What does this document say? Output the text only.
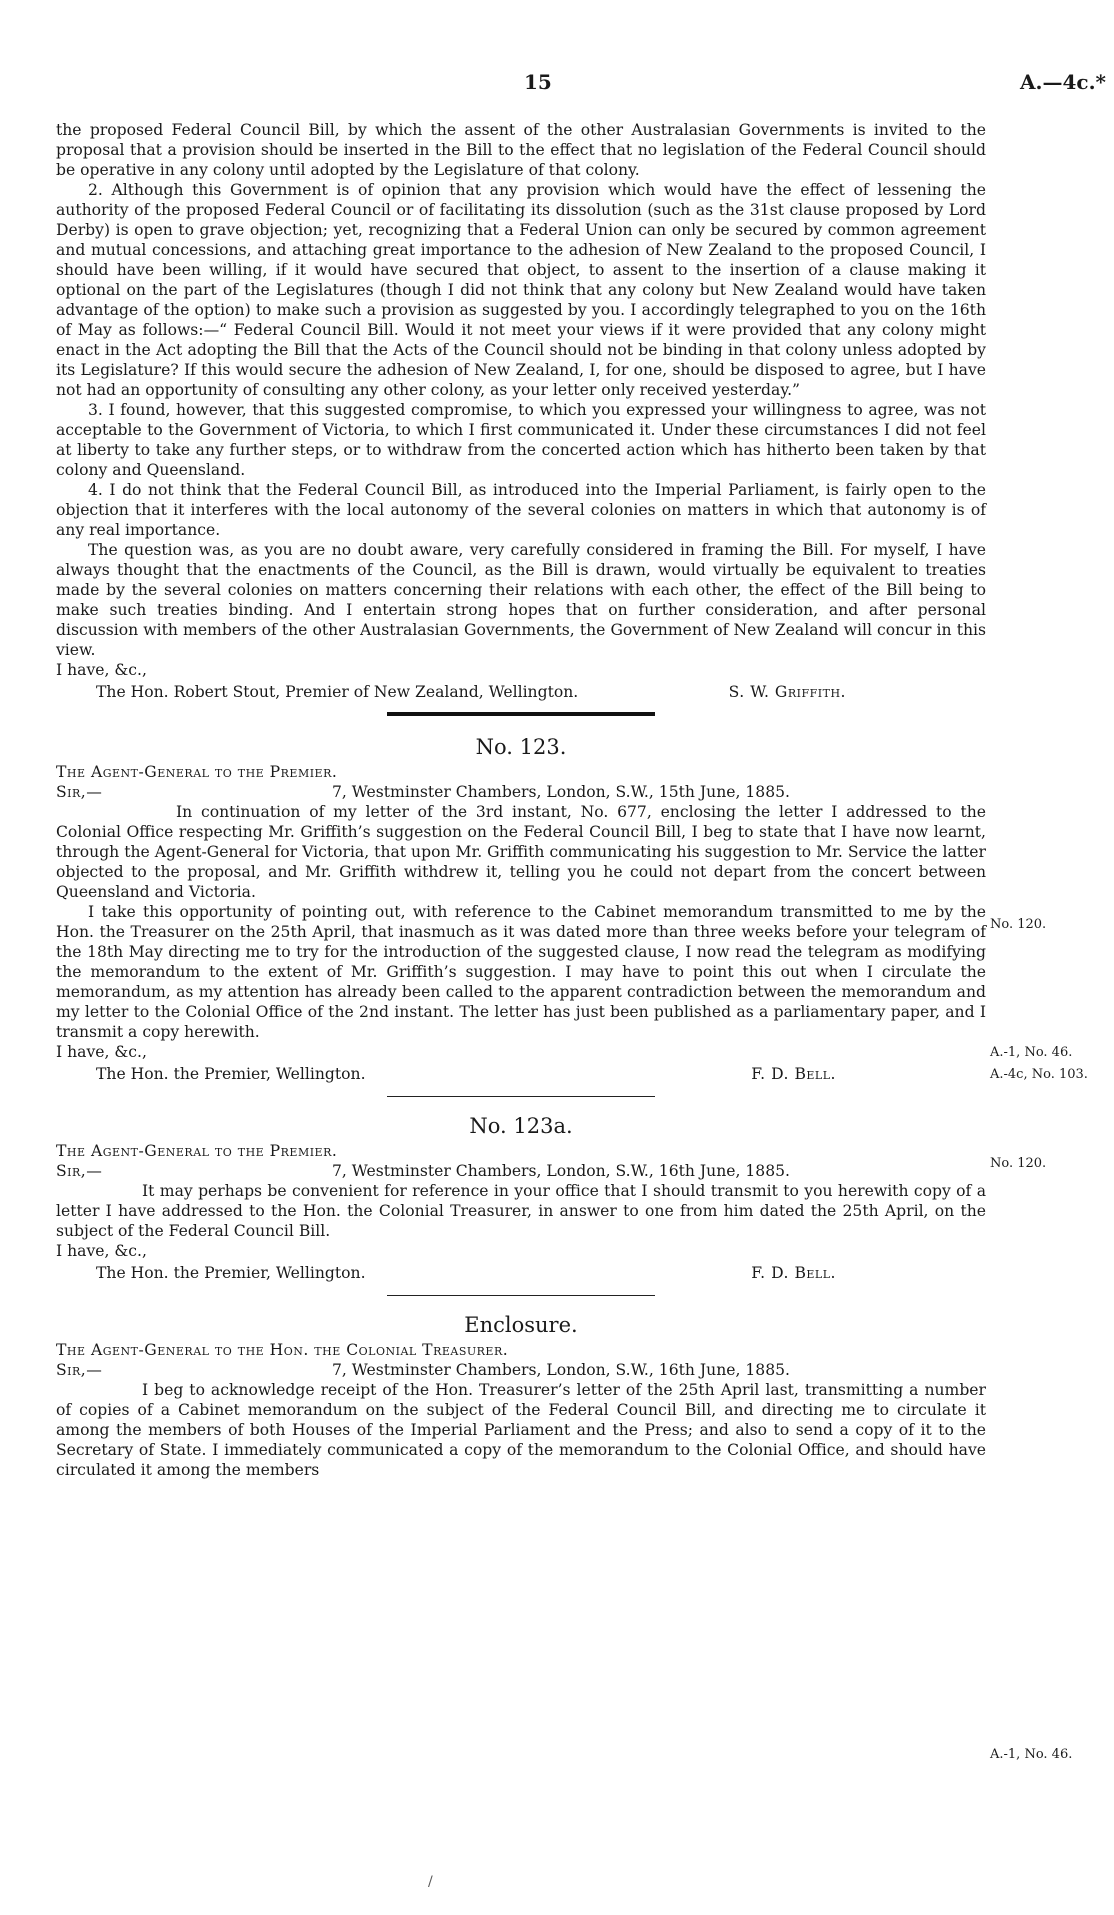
15	A.—4c.*

the proposed Federal Council Bill, by which the assent of the other Australasian Governments is invited to the proposal that a provision should be inserted in the Bill to the effect that no legislation of the Federal Council should be operative in any colony until adopted by the Legislature of that colony.

2. Although this Government is of opinion that any provision which would have the effect of lessening the authority of the proposed Federal Council or of facilitating its dissolution (such as the 31st clause proposed by Lord Derby) is open to grave objection; yet, recognizing that a Federal Union can only be secured by common agreement and mutual concessions, and attaching great importance to the adhesion of New Zealand to the proposed Council, I should have been willing, if it would have secured that object, to assent to the insertion of a clause making it optional on the part of the Legislatures (though I did not think that any colony but New Zealand would have taken advantage of the option) to make such a provision as suggested by you. I accordingly telegraphed to you on the 16th of May as follows:—“ Federal Council Bill. Would it not meet your views if it were provided that any colony might enact in the Act adopting the Bill that the Acts of the Council should not be binding in that colony unless adopted by its Legislature? If this would secure the adhesion of New Zealand, I, for one, should be disposed to agree, but I have not had an opportunity of consulting any other colony, as your letter only received yesterday.”

3. I found, however, that this suggested compromise, to which you expressed your willingness to agree, was not acceptable to the Government of Victoria, to which I first communicated it. Under these circumstances I did not feel at liberty to take any further steps, or to withdraw from the concerted action which has hitherto been taken by that colony and Queensland.

4. I do not think that the Federal Council Bill, as introduced into the Imperial Parliament, is fairly open to the objection that it interferes with the local autonomy of the several colonies on matters in which that autonomy is of any real importance.

The question was, as you are no doubt aware, very carefully considered in framing the Bill. For myself, I have always thought that the enactments of the Council, as the Bill is drawn, would virtually be equivalent to treaties made by the several colonies on matters concerning their relations with each other, the effect of the Bill being to make such treaties binding. And I entertain strong hopes that on further consideration, and after personal discussion with members of the other Australasian Governments, the Government of New Zealand will concur in this view.

I have, &c.,

The Hon. Robert Stout, Premier of New Zealand, Wellington.	S. W. Griffith.
No. 123.

The Agent-General to the Premier.

Sir,—	7, Westminster Chambers, London, S.W., 15th June, 1885.

In continuation of my letter of the 3rd instant, No. 677, enclosing the letter I addressed to the Colonial Office respecting Mr. Griffith’s suggestion on the Federal Council Bill, I beg to state that I have now learnt, through the Agent-General for Victoria, that upon Mr. Griffith communicating his suggestion to Mr. Service the latter objected to the proposal, and Mr. Griffith withdrew it, telling you he could not depart from the concert between Queensland and Victoria.

I take this opportunity of pointing out, with reference to the Cabinet memorandum transmitted to me by the Hon. the Treasurer on the 25th April, that inasmuch as it was dated more than three weeks before your telegram of the 18th May directing me to try for the introduction of the suggested clause, I now read the telegram as modifying the memorandum to the extent of Mr. Griffith’s suggestion. I may have to point this out when I circulate the memorandum, as my attention has already been called to the apparent contradiction between the memorandum and my letter to the Colonial Office of the 2nd instant. The letter has just been published as a parliamentary paper, and I transmit a copy herewith.

I have, &c.,

The Hon. the Premier, Wellington.	F. D. Bell.
No. 123a.

The Agent-General to the Premier.

Sir,—	7, Westminster Chambers, London, S.W., 16th June, 1885.

It may perhaps be convenient for reference in your office that I should transmit to you herewith copy of a letter I have addressed to the Hon. the Colonial Treasurer, in answer to one from him dated the 25th April, on the subject of the Federal Council Bill.

I have, &c.,

The Hon. the Premier, Wellington.	F. D. Bell.
Enclosure.

The Agent-General to the Hon. the Colonial Treasurer.

Sir,—	7, Westminster Chambers, London, S.W., 16th June, 1885.

I beg to acknowledge receipt of the Hon. Treasurer’s letter of the 25th April last, transmitting a number of copies of a Cabinet memorandum on the subject of the Federal Council Bill, and directing me to circulate it among the members of both Houses of the Imperial Parliament and the Press; and also to send a copy of it to the Secretary of State. I immediately communicated a copy of the memorandum to the Colonial Office, and should have circulated it among the members

No. 120.
A.-1, No. 46.
A.-4c, No. 103.
No. 120.
A.-1, No. 46.
/
